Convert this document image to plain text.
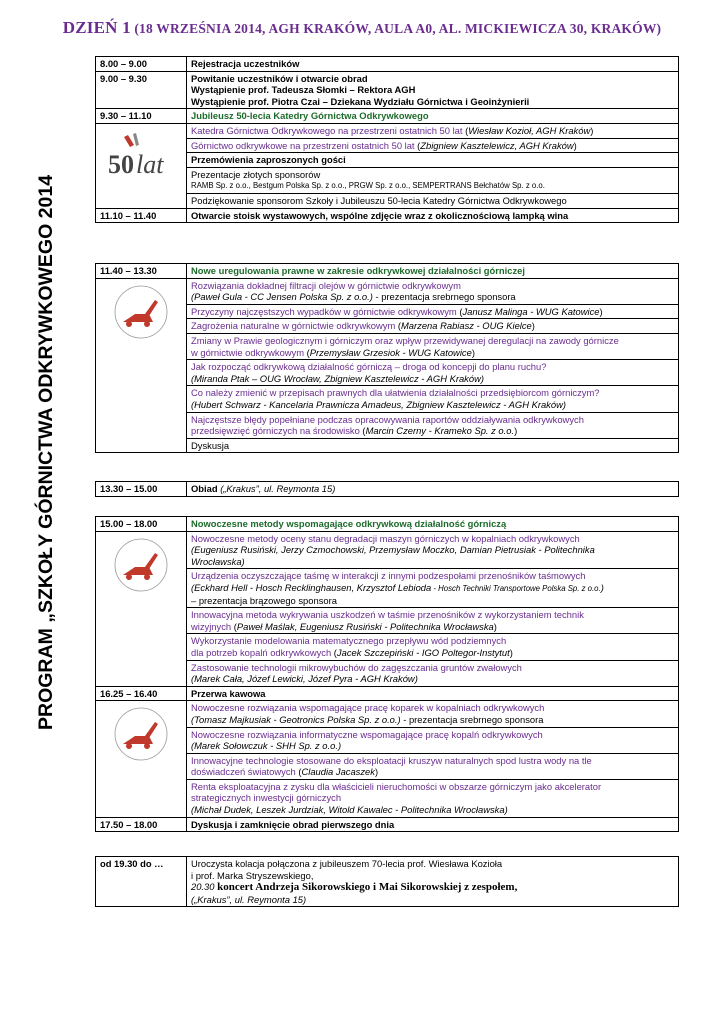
DZIEŃ 1 (18 WRZEŚNIA 2014, AGH KRAKÓW, AULA A0, AL. MICKIEWICZA 30, KRAKÓW)
PROGRAM „SZKOŁY GÓRNICTWA ODKRYWKOWEGO 2014”
8.00 – 9.00	Rejestracja uczestników
9.00 – 9.30	Powitanie uczestników i otwarcie obrad
Wystąpienie prof. Tadeusza Słomki – Rektora AGH
Wystąpienie prof. Piotra Czai – Dziekana Wydziału Górnictwa i Geoinżynierii

9.30 – 11.10	Jubileusz 50-lecia Katedry Górnictwa Odkrywkowego

50 lat	Katedra Górnictwa Odkrywkowego na przestrzeni ostatnich 50 lat (Wiesław Kozioł, AGH Kraków)
	Górnictwo odkrywkowe na przestrzeni ostatnich 50 lat (Zbigniew Kasztelewicz, AGH Kraków)
	Przemówienia zaproszonych gości

	Prezentacje złotych sponsorów
RAMB Sp. z o.o., Bestgum Polska Sp. z o.o., PRGW Sp. z o.o., SEMPERTRANS Bełchatów Sp. z o.o.

	Podziękowanie sponsorom Szkoły i Jubileuszu 50-lecia Katedry Górnictwa Odkrywkowego
11.10 – 11.40	Otwarcie stoisk wystawowych, wspólne zdjęcie wraz z okolicznościową lampką wina
11.40 – 13.30	Nowe uregulowania prawne w zakresie odkrywkowej działalności górniczej

Rozwiązania dokładnej filtracji olejów w górnictwie odkrywkowym
(Paweł Gula - CC Jensen Polska Sp. z o.o.) - prezentacja srebrnego sponsora
	Przyczyny najczęstszych wypadków w górnictwie odkrywkowym (Janusz Malinga - WUG Katowice)
	Zagrożenia naturalne w górnictwie odkrywkowym (Marzena Rabiasz - OUG Kielce)

	Zmiany w Prawie geologicznym i górniczym oraz wpływ przewidywanej deregulacji na zawody górnicze
w górnictwie odkrywkowym (Przemysław Grzesiok - WUG Katowice)

	Jak rozpocząć odkrywkową działalność górniczą – droga od koncepji do planu ruchu?
(Miranda Ptak – OUG Wrocław, Zbigniew Kasztelewicz - AGH Kraków)

	Co należy zmienić w przepisach prawnych dla ułatwienia działalności przedsiębiorcom górniczym?
(Hubert Schwarz - Kancelaria Prawnicza Amadeus, Zbigniew Kasztelewicz - AGH Kraków)

	Najczęstsze błędy popełniane podczas opracowywania raportów oddziaływania odkrywkowych
przedsięwzięć górniczych na środowisko (Marcin Czerny - Krameko Sp. z o.o.)
	Dyskusja
13.30 – 15.00	Obiad („Krakus”, ul. Reymonta 15)
15.00 – 18.00	Nowoczesne metody wspomagające odkrywkową działalność górniczą

Nowoczesne metody oceny stanu degradacji maszyn górniczych w kopalniach odkrywkowych
(Eugeniusz Rusiński, Jerzy Czmochowski, Przemysław Moczko, Damian Pietrusiak - Politechnika
Wrocławska)

	Urządzenia oczyszczające taśmę w interakcji z innymi podzespołami przenośników taśmowych
(Eckhard Hell - Hosch Recklinghausen, Krzysztof Lebioda - Hosch Techniki Transportowe Polska Sp. z o.o.)
– prezentacja brązowego sponsora

	Innowacyjna metoda wykrywania uszkodzeń w taśmie przenośników z wykorzystaniem technik
wizyjnych (Paweł Maślak, Eugeniusz Rusiński - Politechnika Wrocławska)

	Wykorzystanie modelowania matematycznego przepływu wód podziemnych
dla potrzeb kopalń odkrywkowych (Jacek Szczepiński - IGO Poltegor-Instytut)

	Zastosowanie technologii mikrowybuchów do zagęszczania gruntów zwałowych
(Marek Cała, Józef Lewicki, Józef Pyra - AGH Kraków)
16.25 – 16.40	Przerwa kawowa

Nowoczesne rozwiązania wspomagające pracę koparek w kopalniach odkrywkowych
(Tomasz Majkusiak - Geotronics Polska Sp. z o.o.) - prezentacja srebrnego sponsora

	Nowoczesne rozwiązania informatyczne wspomagające pracę kopalń odkrywkowych
(Marek Sołowczuk - SHH Sp. z o.o.)

	Innowacyjne technologie stosowane do eksploatacji kruszyw naturalnych spod lustra wody na tle
doświadczeń światowych (Claudia Jacaszek)

	Renta eksploatacyjna z zysku dla właścicieli nieruchomości w obszarze górniczym jako akcelerator
strategicznych inwestycji górniczych
(Michał Dudek, Leszek Jurdziak, Witold Kawalec - Politechnika Wrocławska)
17.50 – 18.00	Dyskusja i zamknięcie obrad pierwszego dnia
od 19.30 do …	Uroczysta kolacja połączona z jubileuszem 70-lecia prof. Wiesława Kozioła
i prof. Marka Stryszewskiego,
20.30 koncert Andrzeja Sikorowskiego i Mai Sikorowskiej z zespołem,
(„Krakus”, ul. Reymonta 15)
